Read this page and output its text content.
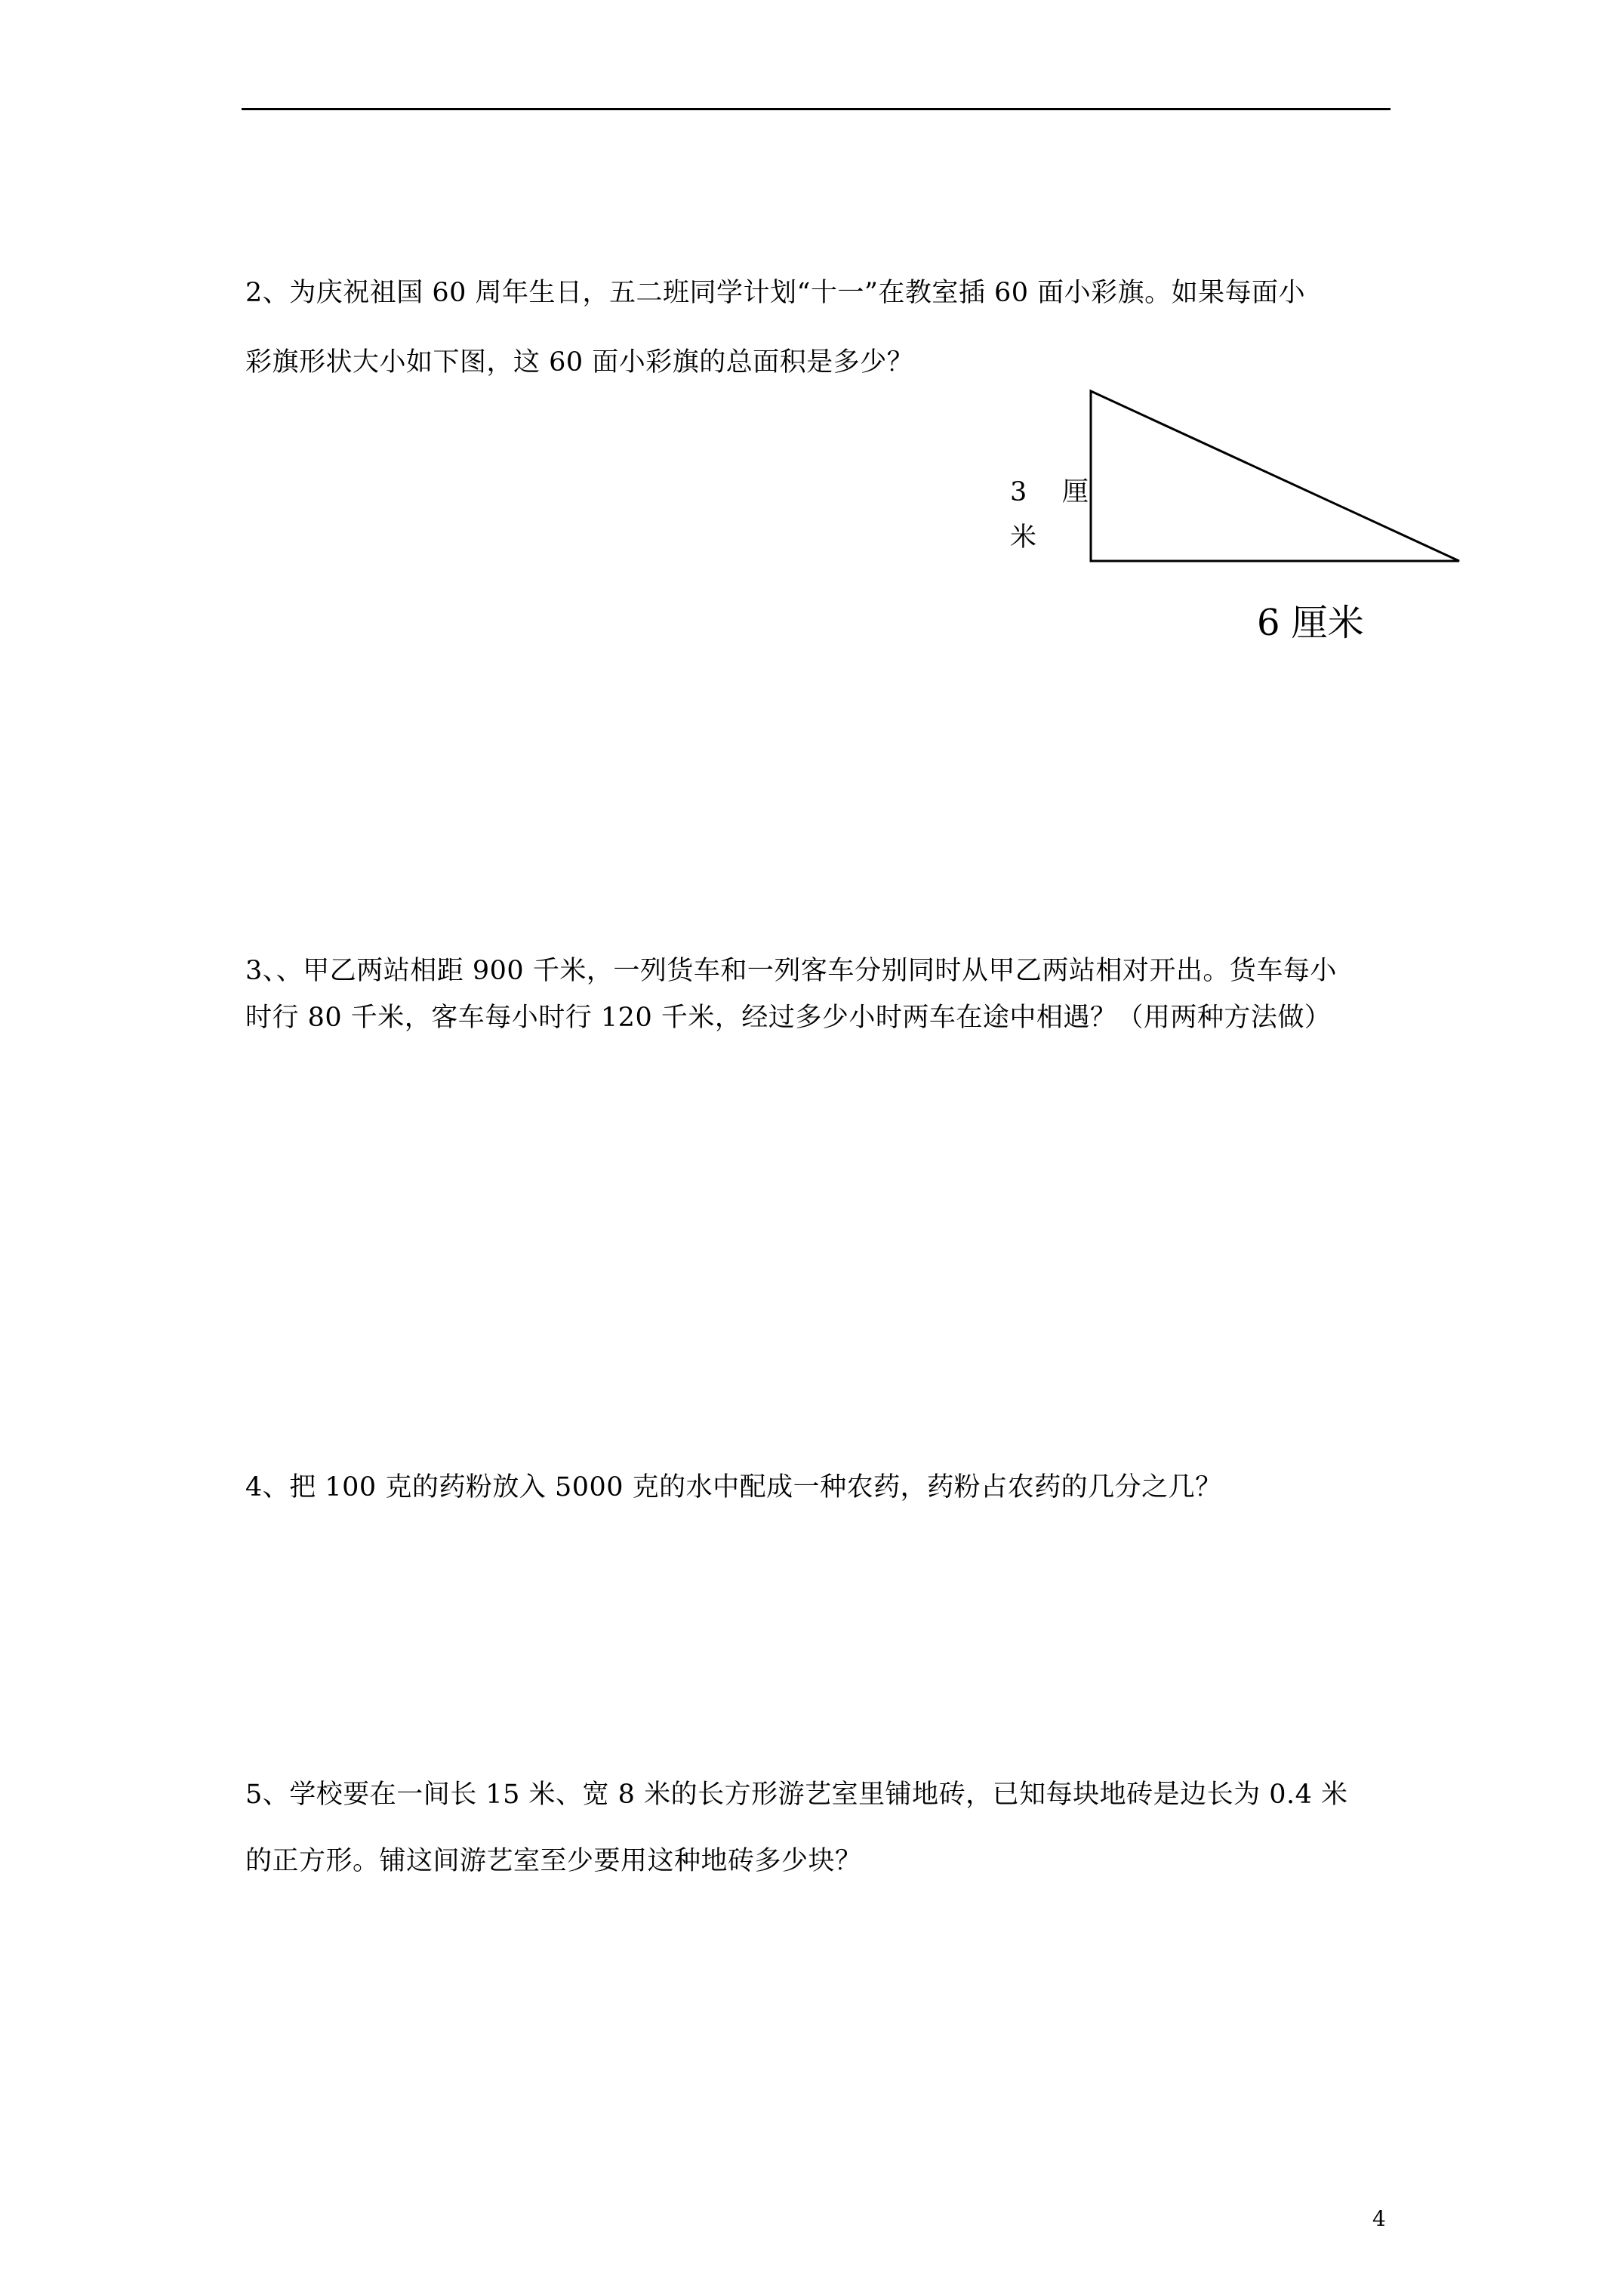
2、为庆祝祖国 60 周年生日，五二班同学计划“十一”在教室插 60 面小彩旗。如果每面小
彩旗形状大小如下图，这 60 面小彩旗的总面积是多少？
3 厘
米
6 厘米
3、、甲乙两站相距 900 千米，一列货车和一列客车分别同时从甲乙两站相对开出。货车每小
时行 80 千米，客车每小时行 120 千米，经过多少小时两车在途中相遇？（用两种方法做）
4、把 100 克的药粉放入 5000 克的水中配成一种农药，药粉占农药的几分之几？
5、学校要在一间长 15 米、宽 8 米的长方形游艺室里铺地砖，已知每块地砖是边长为 0.4 米
的正方形。铺这间游艺室至少要用这种地砖多少块？
4
